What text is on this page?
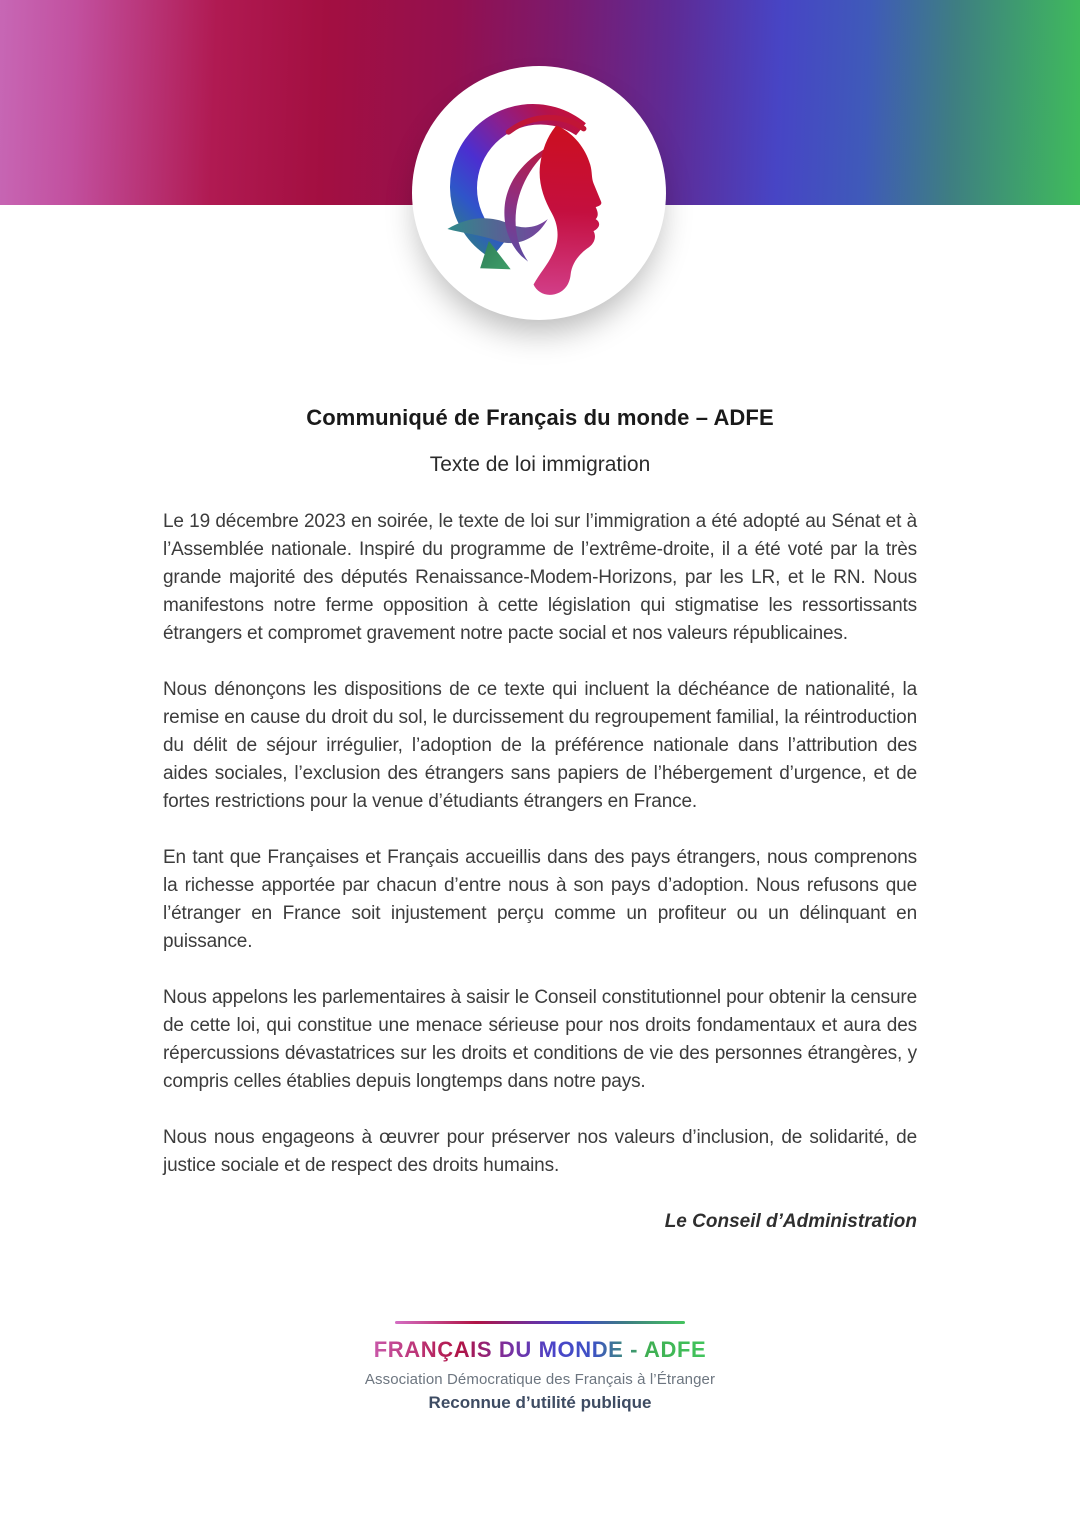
Communiqué de Français du monde – ADFE
Texte de loi immigration

Le 19 décembre 2023 en soirée, le texte de loi sur l’immigration a été adopté au Sénat et à l’Assemblée nationale. Inspiré du programme de l’extrême-droite, il a été voté par la très grande majorité des députés Renaissance-Modem-Horizons, par les LR, et le RN. Nous manifestons notre ferme opposition à cette législation qui stigmatise les ressortissants étrangers et compromet gravement notre pacte social et nos valeurs républicaines.

Nous dénonçons les dispositions de ce texte qui incluent la déchéance de nationalité, la remise en cause du droit du sol, le durcissement du regroupement familial, la réintroduction du délit de séjour irrégulier, l’adoption de la préférence nationale dans l’attribution des aides sociales, l’exclusion des étrangers sans papiers de l’hébergement d’urgence, et de fortes restrictions pour la venue d’étudiants étrangers en France.

En tant que Françaises et Français accueillis dans des pays étrangers, nous comprenons la richesse apportée par chacun d’entre nous à son pays d’adoption. Nous refusons que l’étranger en France soit injustement perçu comme un profiteur ou un délinquant en puissance.

Nous appelons les parlementaires à saisir le Conseil constitutionnel pour obtenir la censure de cette loi, qui constitue une menace sérieuse pour nos droits fondamentaux et aura des répercussions dévastatrices sur les droits et conditions de vie des personnes étrangères, y compris celles établies depuis longtemps dans notre pays.

Nous nous engageons à œuvrer pour préserver nos valeurs d’inclusion, de solidarité, de justice sociale et de respect des droits humains.

Le Conseil d’Administration

FRANÇAIS DU MONDE - ADFE
Association Démocratique des Français à l’Étranger
Reconnue d’utilité publique
